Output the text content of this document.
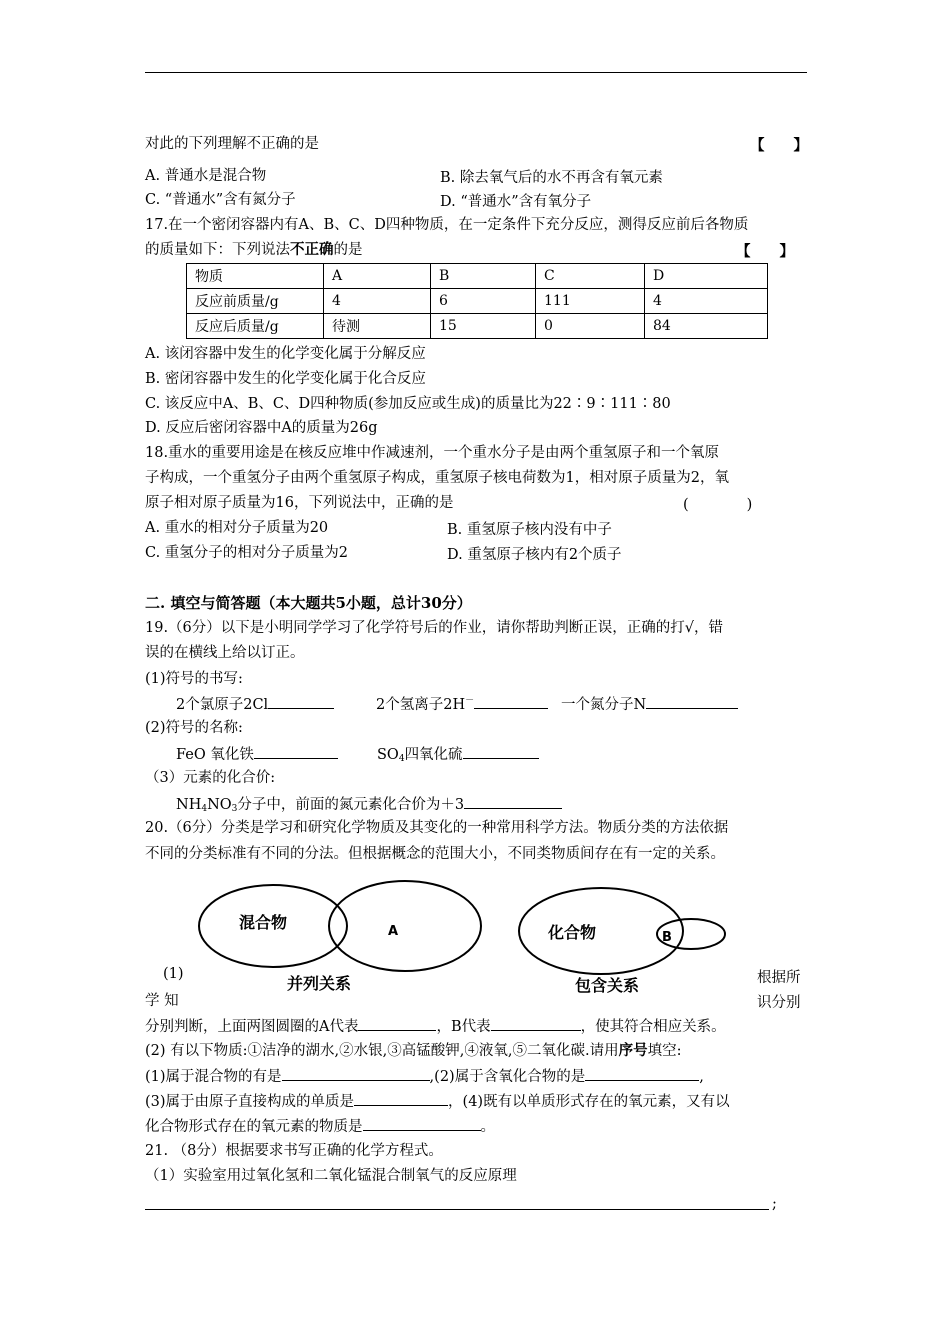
对此的下列理解不正确的是	【　　】
A. 普通水是混合物	B. 除去氧气后的水不再含有氧元素
C. “普通水”含有氮分子	D. “普通水”含有氧分子
17.在一个密闭容器内有A、B、C、D四种物质，在一定条件下充分反应，测得反应前后各物质
的质量如下：下列说法不正确的是	【　　】
物质	A	B	C	D
反应前质量/g	4	6	111	4
反应后质量/g	待测	15	0	84
A. 该闭容器中发生的化学变化属于分解反应
B. 密闭容器中发生的化学变化属于化合反应
C. 该反应中A、B、C、D四种物质(参加反应或生成)的质量比为22∶9∶111∶80
D. 反应后密闭容器中A的质量为26g
18.重水的重要用途是在核反应堆中作减速剂，一个重水分子是由两个重氢原子和一个氧原
子构成，一个重氢分子由两个重氢原子构成，重氢原子核电荷数为1，相对原子质量为2，氧
原子相对原子质量为16，下列说法中，正确的是	(　　　　)
A. 重水的相对分子质量为20	B. 重氢原子核内没有中子
C. 重氢分子的相对分子质量为2	D. 重氢原子核内有2个质子
二. 填空与简答题（本大题共5小题，总计30分）
19.（6分）以下是小明同学学习了化学符号后的作业，请你帮助判断正误，正确的打√，错
误的在横线上给以订正。
(1)符号的书写:
2个氯原子2Cl	2个氢离子2H－	一个氮分子N
(2)符号的名称:
FeO 氧化铁	$SO_4$四氧化硫
（3）元素的化合价:
$NH_4NO_3$分子中，前面的氮元素化合价为＋3
20.（6分）分类是学习和研究化学物质及其变化的一种常用科学方法。物质分类的方法依据
不同的分类标准有不同的分法。但根据概念的范围大小，不同类物质间存在有一定的关系。
混合物	A
并列关系
化合物	B
包含关系
(1)
学 知
根据所
识分别
分别判断，上面两图圆圈的A代表	，B代表	，使其符合相应关系。
(2) 有以下物质:①洁净的湖水,②水银,③高锰酸钾,④液氧,⑤二氧化碳.请用序号填空:
(1)属于混合物的有是	,(2)属于含氧化合物的是	,
(3)属于由原子直接构成的单质是	，(4)既有以单质形式存在的氧元素，又有以
化合物形式存在的氧元素的物质是	。
21. （8分）根据要求书写正确的化学方程式。
（1）实验室用过氧化氢和二氧化锰混合制氧气的反应原理
;
